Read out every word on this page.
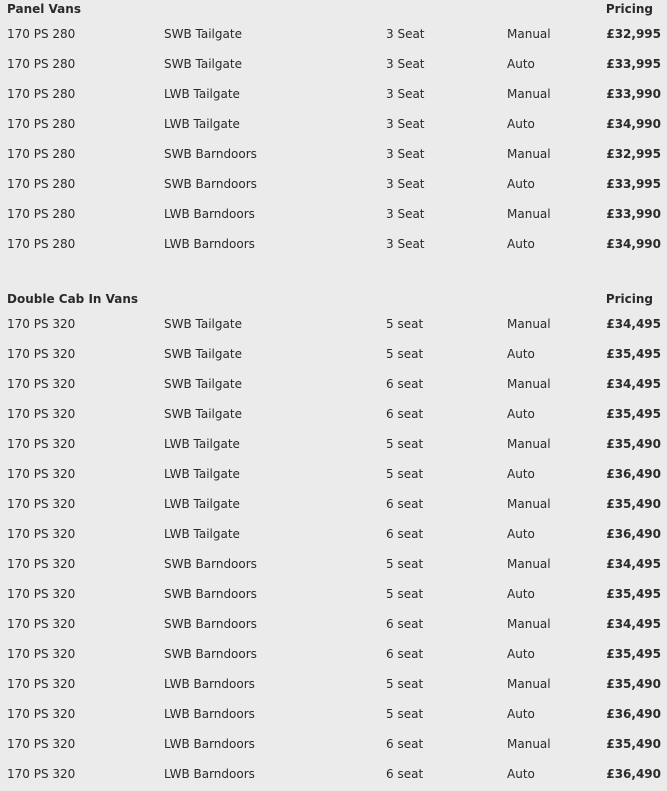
Panel Vans	Pricing
170 PS 280	SWB Tailgate	3 Seat	Manual	£32,995
170 PS 280	SWB Tailgate	3 Seat	Auto	£33,995
170 PS 280	LWB Tailgate	3 Seat	Manual	£33,990
170 PS 280	LWB Tailgate	3 Seat	Auto	£34,990
170 PS 280	SWB Barndoors	3 Seat	Manual	£32,995
170 PS 280	SWB Barndoors	3 Seat	Auto	£33,995
170 PS 280	LWB Barndoors	3 Seat	Manual	£33,990
170 PS 280	LWB Barndoors	3 Seat	Auto	£34,990
Double Cab In Vans	Pricing
170 PS 320	SWB Tailgate	5 seat	Manual	£34,495
170 PS 320	SWB Tailgate	5 seat	Auto	£35,495
170 PS 320	SWB Tailgate	6 seat	Manual	£34,495
170 PS 320	SWB Tailgate	6 seat	Auto	£35,495
170 PS 320	LWB Tailgate	5 seat	Manual	£35,490
170 PS 320	LWB Tailgate	5 seat	Auto	£36,490
170 PS 320	LWB Tailgate	6 seat	Manual	£35,490
170 PS 320	LWB Tailgate	6 seat	Auto	£36,490
170 PS 320	SWB Barndoors	5 seat	Manual	£34,495
170 PS 320	SWB Barndoors	5 seat	Auto	£35,495
170 PS 320	SWB Barndoors	6 seat	Manual	£34,495
170 PS 320	SWB Barndoors	6 seat	Auto	£35,495
170 PS 320	LWB Barndoors	5 seat	Manual	£35,490
170 PS 320	LWB Barndoors	5 seat	Auto	£36,490
170 PS 320	LWB Barndoors	6 seat	Manual	£35,490
170 PS 320	LWB Barndoors	6 seat	Auto	£36,490
